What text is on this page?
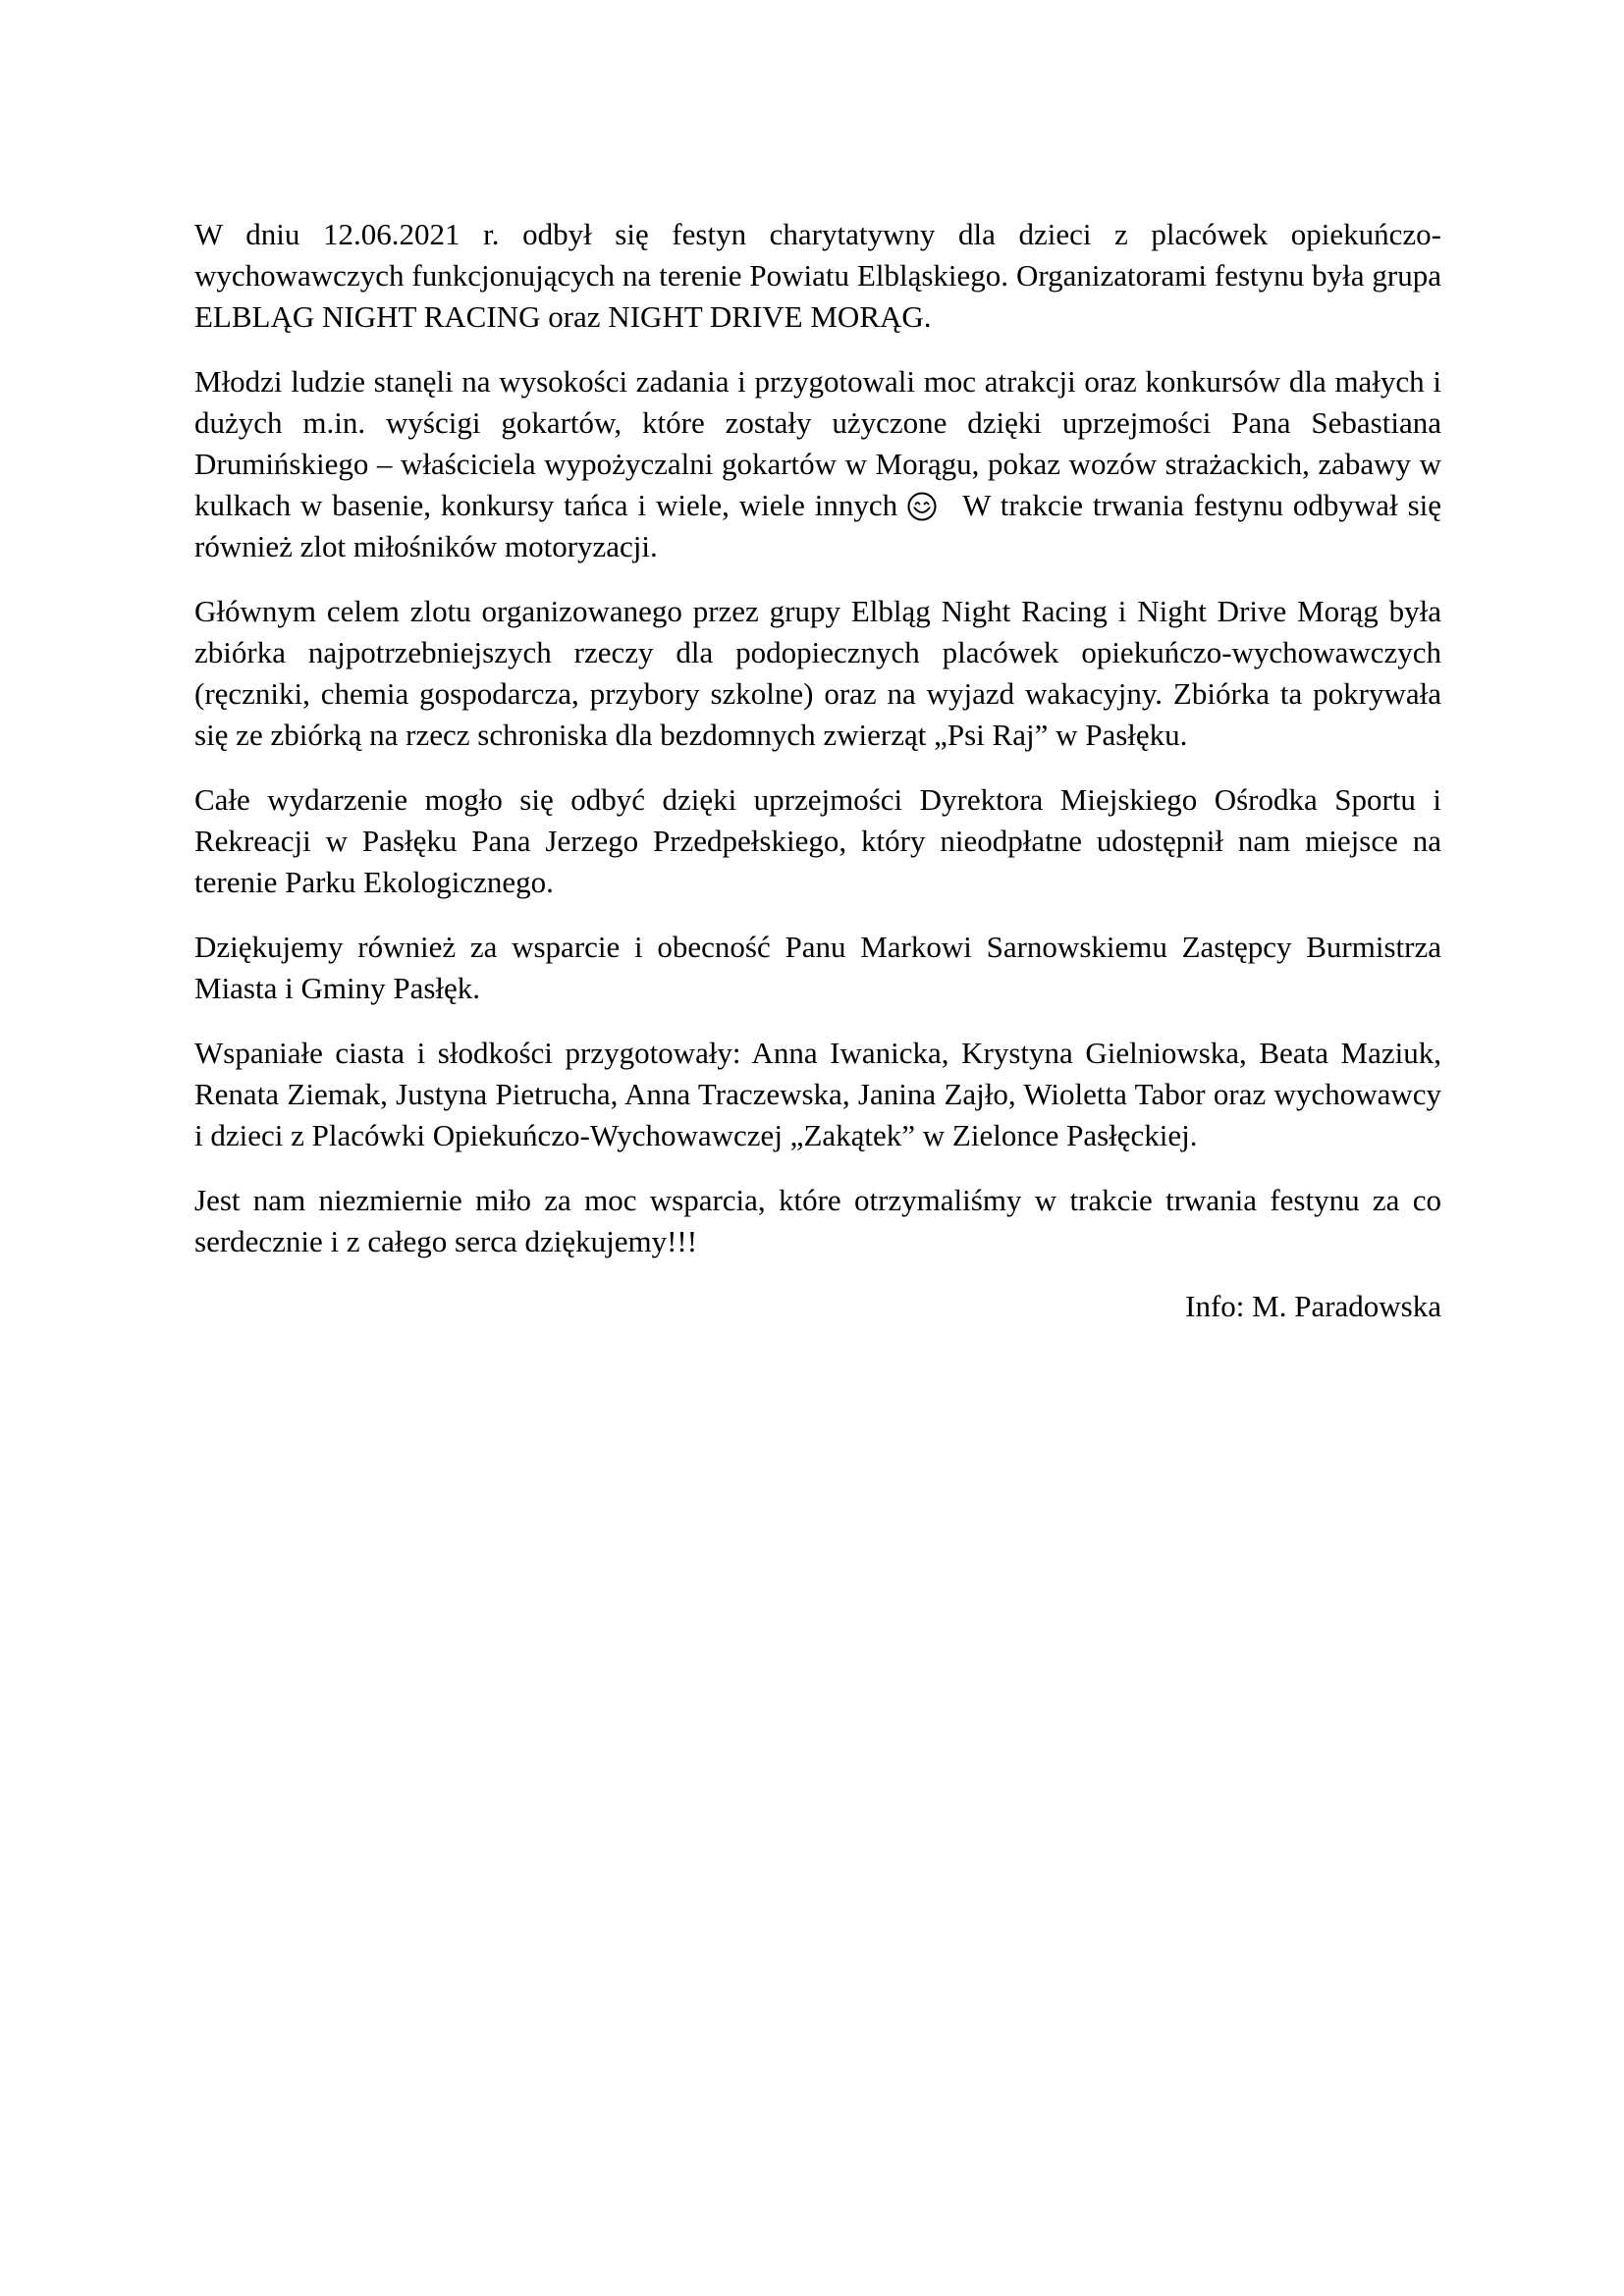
W dniu 12.06.2021 r. odbył się festyn charytatywny dla dzieci z placówek opiekuńczo-wychowawczych funkcjonujących na terenie Powiatu Elbląskiego. Organizatorami festynu była grupa ELBLĄG NIGHT RACING oraz NIGHT DRIVE MORĄG.

Młodzi ludzie stanęli na wysokości zadania i przygotowali moc atrakcji oraz konkursów dla małych i dużych m.in. wyścigi gokartów, które zostały użyczone dzięki uprzejmości Pana Sebastiana Drumińskiego – właściciela wypożyczalni gokartów w Morągu, pokaz wozów strażackich, zabawy w kulkach w basenie, konkursy tańca i wiele, wiele innych W trakcie trwania festynu odbywał się również zlot miłośników motoryzacji.

Głównym celem zlotu organizowanego przez grupy Elbląg Night Racing i Night Drive Morąg była zbiórka najpotrzebniejszych rzeczy dla podopiecznych placówek opiekuńczo-wychowawczych (ręczniki, chemia gospodarcza, przybory szkolne) oraz na wyjazd wakacyjny. Zbiórka ta pokrywała się ze zbiórką na rzecz schroniska dla bezdomnych zwierząt „Psi Raj” w Pasłęku.

Całe wydarzenie mogło się odbyć dzięki uprzejmości Dyrektora Miejskiego Ośrodka Sportu i Rekreacji w Pasłęku Pana Jerzego Przedpełskiego, który nieodpłatne udostępnił nam miejsce na terenie Parku Ekologicznego.

Dziękujemy również za wsparcie i obecność Panu Markowi Sarnowskiemu Zastępcy Burmistrza Miasta i Gminy Pasłęk.

Wspaniałe ciasta i słodkości przygotowały: Anna Iwanicka, Krystyna Gielniowska, Beata Maziuk, Renata Ziemak, Justyna Pietrucha, Anna Traczewska, Janina Zajło, Wioletta Tabor oraz wychowawcy i dzieci z Placówki Opiekuńczo-Wychowawczej „Zakątek” w Zielonce Pasłęckiej.

Jest nam niezmiernie miło za moc wsparcia, które otrzymaliśmy w trakcie trwania festynu za co serdecznie i z całego serca dziękujemy!!!

Info: M. Paradowska
